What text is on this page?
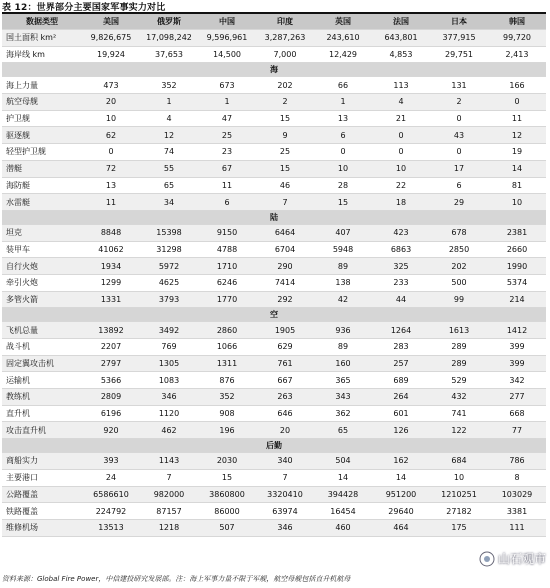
表 12：世界部分主要国家军事实力对比
数据类型	美国	俄罗斯	中国	印度	英国	法国	日本	韩国
国土面积 km²	9,826,675	17,098,242	9,596,961	3,287,263	243,610	643,801	377,915	99,720
海岸线 km	19,924	37,653	14,500	7,000	12,429	4,853	29,751	2,413
海								
海上力量	473	352	673	202	66	113	131	166
航空母舰	20	1	1	2	1	4	2	0
护卫舰	10	4	47	15	13	21	0	11
驱逐舰	62	12	25	9	6	0	43	12
轻型护卫舰	0	74	23	25	0	0	0	19
潜艇	72	55	67	15	10	10	17	14
海防艇	13	65	11	46	28	22	6	81
水雷艇	11	34	6	7	15	18	29	10
陆								
坦克	8848	15398	9150	6464	407	423	678	2381
装甲车	41062	31298	4788	6704	5948	6863	2850	2660
自行火炮	1934	5972	1710	290	89	325	202	1990
牵引火炮	1299	4625	6246	7414	138	233	500	5374
多管火箭	1331	3793	1770	292	42	44	99	214
空								
飞机总量	13892	3492	2860	1905	936	1264	1613	1412
战斗机	2207	769	1066	629	89	283	289	399
固定翼攻击机	2797	1305	1311	761	160	257	289	399
运输机	5366	1083	876	667	365	689	529	342
教练机	2809	346	352	263	343	264	432	277
直升机	6196	1120	908	646	362	601	741	668
攻击直升机	920	462	196	20	65	126	122	77
后勤								
商船实力	393	1143	2030	340	504	162	684	786
主要港口	24	7	15	7	14	14	10	8
公路覆盖	6586610	982000	3860800	3320410	394428	951200	1210251	103029
铁路覆盖	224792	87157	86000	63974	16454	29640	27182	3381
维修机场	13513	1218	507	346	460	464	175	111
资料来源：Global Fire Power，中信建投研究发展部。注：海上军事力量不限于军舰，航空母舰包括直升机航母
山石观市
